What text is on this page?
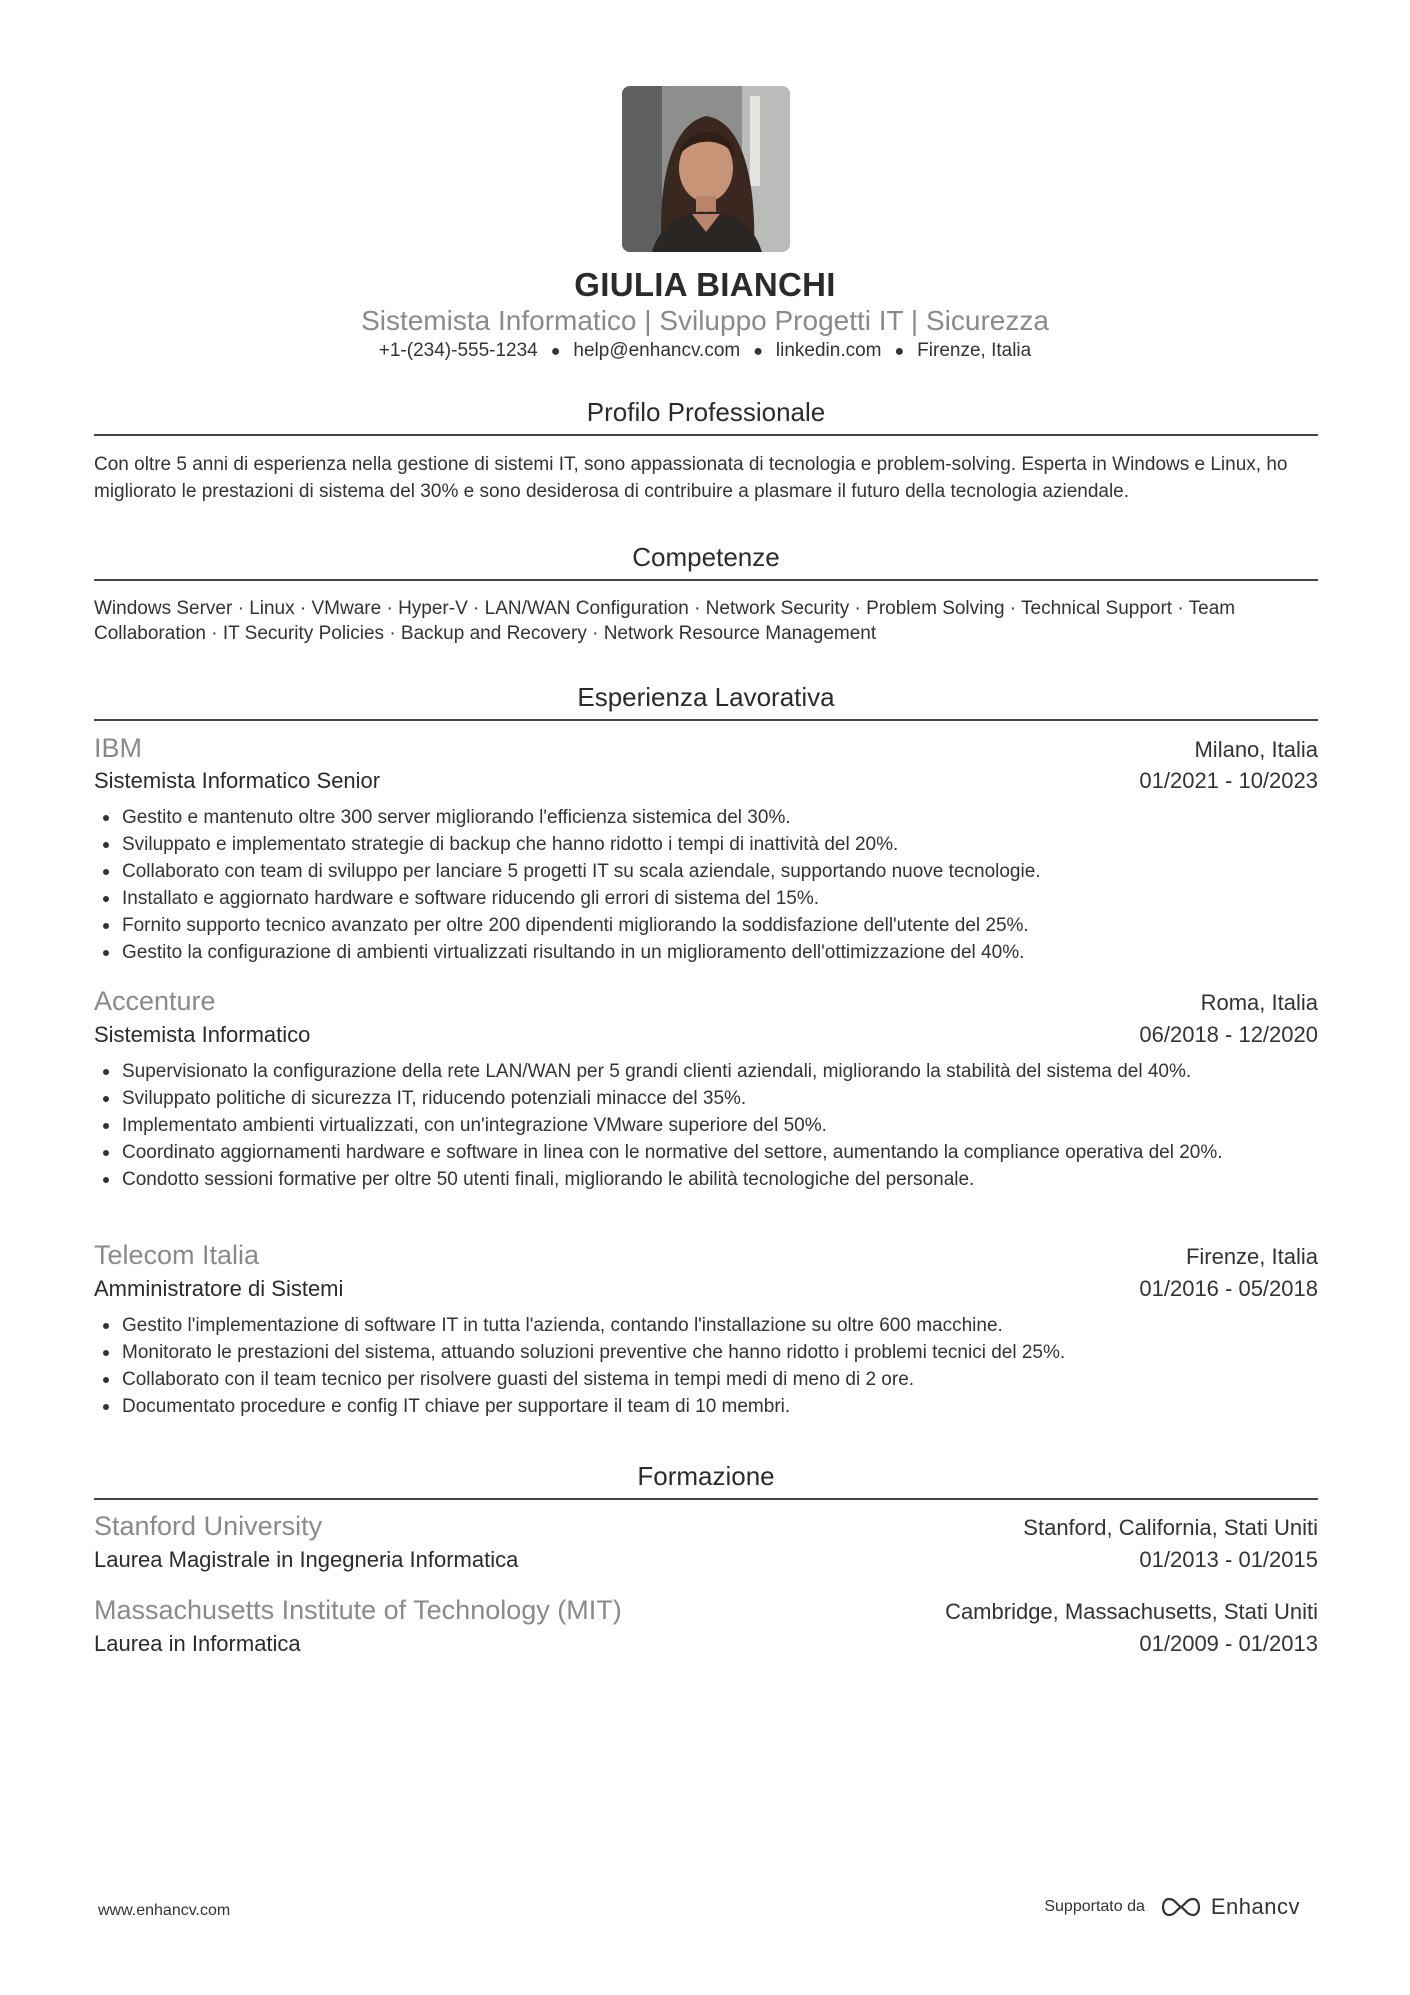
GIULIA BIANCHI
Sistemista Informatico | Sviluppo Progetti IT | Sicurezza
+1-(234)-555-1234 ● help@enhancv.com ● linkedin.com ● Firenze, Italia
Profilo Professionale
Con oltre 5 anni di esperienza nella gestione di sistemi IT, sono appassionata di tecnologia e problem-solving. Esperta in Windows e Linux, ho migliorato le prestazioni di sistema del 30% e sono desiderosa di contribuire a plasmare il futuro della tecnologia aziendale.
Competenze
Windows Server · Linux · VMware · Hyper-V · LAN/WAN Configuration · Network Security · Problem Solving · Technical Support · Team Collaboration · IT Security Policies · Backup and Recovery · Network Resource Management
Esperienza Lavorativa
IBM	Milano, Italia
Sistemista Informatico Senior	01/2021 - 10/2023
Gestito e mantenuto oltre 300 server migliorando l'efficienza sistemica del 30%.
Sviluppato e implementato strategie di backup che hanno ridotto i tempi di inattività del 20%.
Collaborato con team di sviluppo per lanciare 5 progetti IT su scala aziendale, supportando nuove tecnologie.
Installato e aggiornato hardware e software riducendo gli errori di sistema del 15%.
Fornito supporto tecnico avanzato per oltre 200 dipendenti migliorando la soddisfazione dell'utente del 25%.
Gestito la configurazione di ambienti virtualizzati risultando in un miglioramento dell'ottimizzazione del 40%.
Accenture	Roma, Italia
Sistemista Informatico	06/2018 - 12/2020
Supervisionato la configurazione della rete LAN/WAN per 5 grandi clienti aziendali, migliorando la stabilità del sistema del 40%.
Sviluppato politiche di sicurezza IT, riducendo potenziali minacce del 35%.
Implementato ambienti virtualizzati, con un'integrazione VMware superiore del 50%.
Coordinato aggiornamenti hardware e software in linea con le normative del settore, aumentando la compliance operativa del 20%.
Condotto sessioni formative per oltre 50 utenti finali, migliorando le abilità tecnologiche del personale.
Telecom Italia	Firenze, Italia
Amministratore di Sistemi	01/2016 - 05/2018
Gestito l'implementazione di software IT in tutta l'azienda, contando l'installazione su oltre 600 macchine.
Monitorato le prestazioni del sistema, attuando soluzioni preventive che hanno ridotto i problemi tecnici del 25%.
Collaborato con il team tecnico per risolvere guasti del sistema in tempi medi di meno di 2 ore.
Documentato procedure e config IT chiave per supportare il team di 10 membri.
Formazione
Stanford University	Stanford, California, Stati Uniti
Laurea Magistrale in Ingegneria Informatica	01/2013 - 01/2015
Massachusetts Institute of Technology (MIT)	Cambridge, Massachusetts, Stati Uniti
Laurea in Informatica	01/2009 - 01/2013
www.enhancv.com	Supportato da	Enhancv
